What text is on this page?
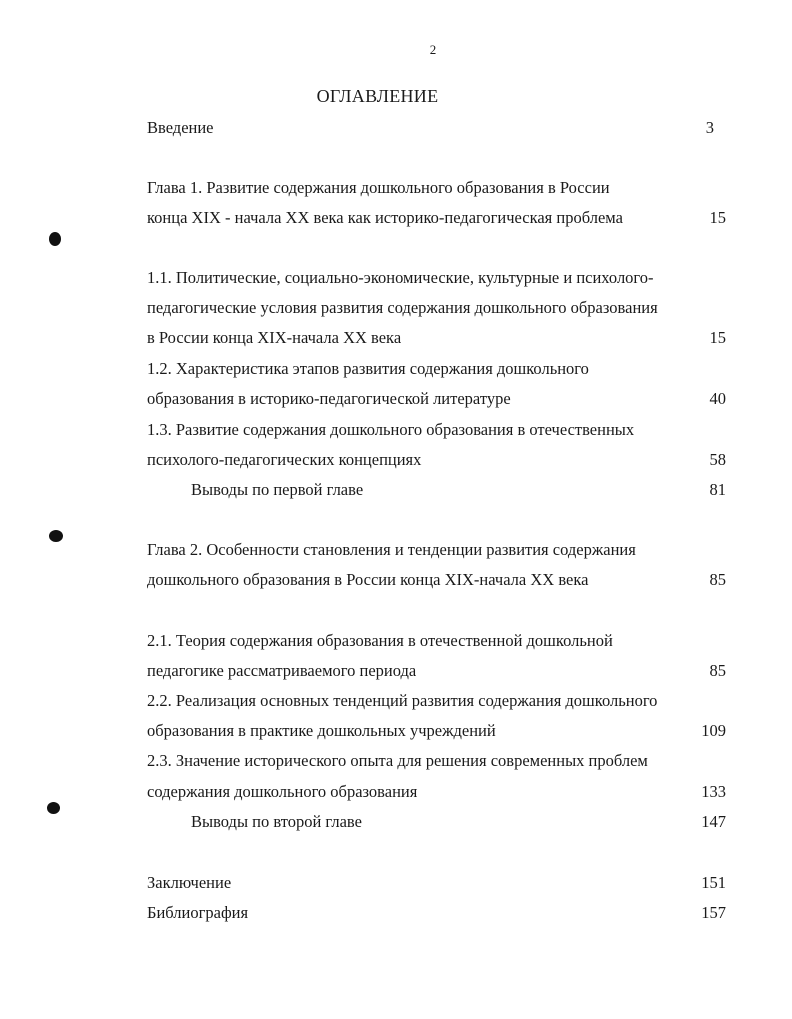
2
ОГЛАВЛЕНИЕ
Введение	3
Глава 1. Развитие содержания дошкольного образования в России
конца XIX - начала XX века как историко-педагогическая проблема	15
1.1. Политические, социально-экономические, культурные и психолого-
педагогические условия развития содержания дошкольного образования
в России конца XIX-начала XX века	15
1.2. Характеристика этапов развития содержания дошкольного
образования в историко-педагогической литературе	40
1.3. Развитие содержания дошкольного образования в отечественных
психолого-педагогических концепциях	58
Выводы по первой главе	81
Глава 2. Особенности становления и тенденции развития содержания
дошкольного образования в России конца XIX-начала XX века	85
2.1. Теория содержания образования в отечественной дошкольной
педагогике рассматриваемого периода	85
2.2. Реализация основных тенденций развития содержания дошкольного
образования в практике дошкольных учреждений	109
2.3. Значение исторического опыта для решения современных проблем
содержания дошкольного образования	133
Выводы по второй главе	147
Заключение	151
Библиография	157
